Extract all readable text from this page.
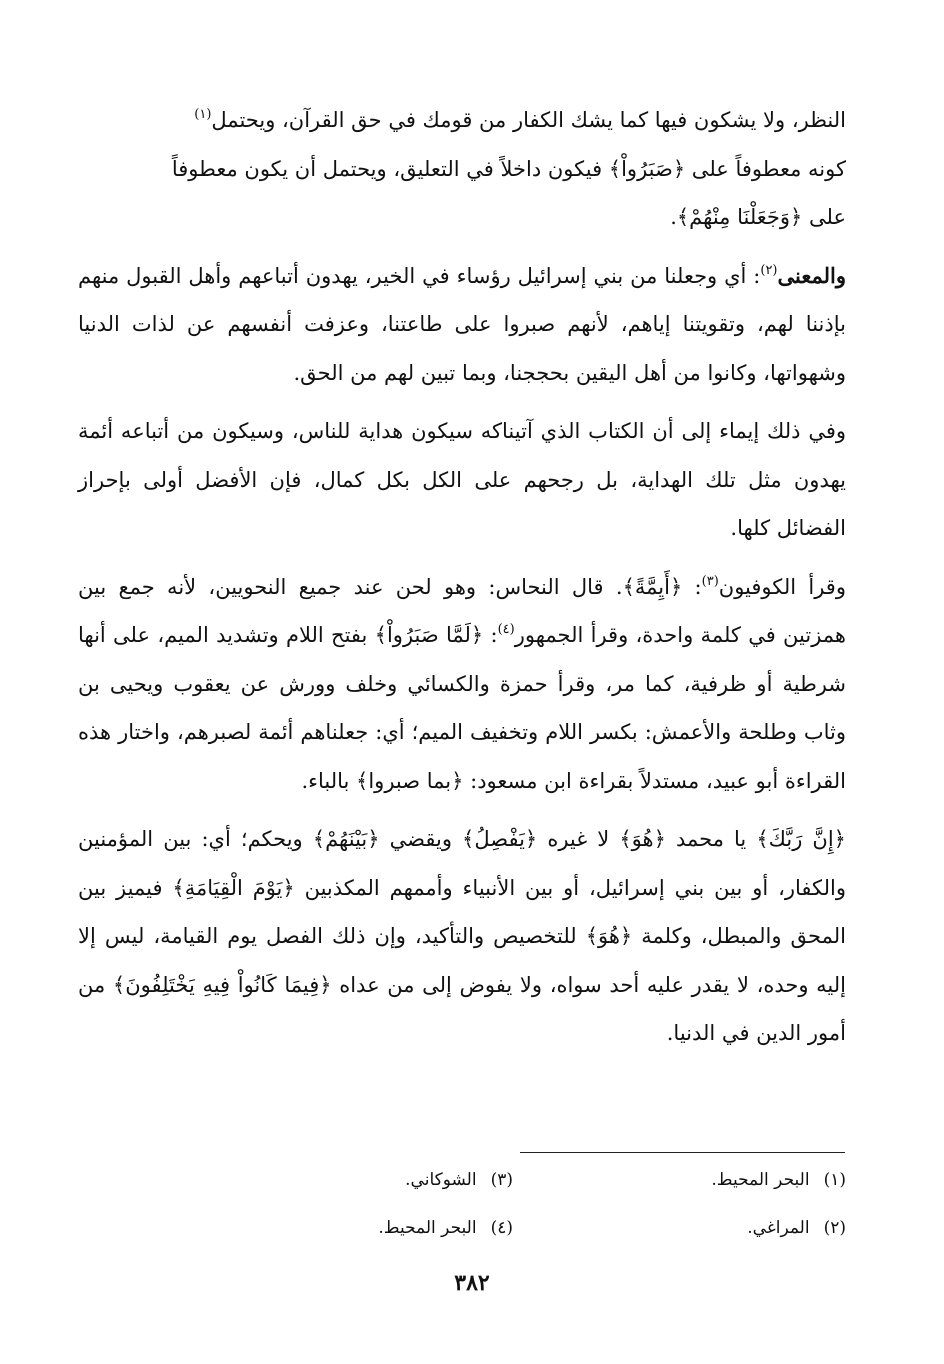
النظر، ولا يشكون فيها كما يشك الكفار من قومك في حق القرآن، ويحتمل$^{(١)}$
كونه معطوفاً على ﴿صَبَرُواْ﴾ فيكون داخلاً في التعليق، ويحتمل أن يكون معطوفاً
على ﴿وَجَعَلْنَا مِنْهُمْ﴾.

والمعنى$^{(٢)}$: أي وجعلنا من بني إسرائيل رؤساء في الخير، يهدون أتباعهم وأهل القبول منهم بإذننا لهم، وتقويتنا إياهم، لأنهم صبروا على طاعتنا، وعزفت أنفسهم عن لذات الدنيا وشهواتها، وكانوا من أهل اليقين بحججنا، وبما تبين لهم من الحق.

وفي ذلك إيماء إلى أن الكتاب الذي آتيناكه سيكون هداية للناس، وسيكون من أتباعه أئمة يهدون مثل تلك الهداية، بل رجحهم على الكل بكل كمال، فإن الأفضل أولى بإحراز الفضائل كلها.

وقرأ الكوفيون$^{(٣)}$: ﴿أَيِمَّةً﴾. قال النحاس: وهو لحن عند جميع النحويين، لأنه جمع بين همزتين في كلمة واحدة، وقرأ الجمهور$^{(٤)}$: ﴿لَمَّا صَبَرُواْ﴾ بفتح اللام وتشديد الميم، على أنها شرطية أو ظرفية، كما مر، وقرأ حمزة والكسائي وخلف وورش عن يعقوب ويحيى بن وثاب وطلحة والأعمش: بكسر اللام وتخفيف الميم؛ أي: جعلناهم أئمة لصبرهم، واختار هذه القراءة أبو عبيد، مستدلاً بقراءة ابن مسعود: ﴿بما صبروا﴾ بالباء.

﴿إِنَّ رَبَّكَ﴾ يا محمد ﴿هُوَ﴾ لا غيره ﴿يَفْصِلُ﴾ ويقضي ﴿بَيْنَهُمْ﴾ ويحكم؛ أي: بين المؤمنين والكفار، أو بين بني إسرائيل، أو بين الأنبياء وأممهم المكذبين ﴿يَوْمَ الْقِيَامَةِ﴾ فيميز بين المحق والمبطل، وكلمة ﴿هُوَ﴾ للتخصيص والتأكيد، وإن ذلك الفصل يوم القيامة، ليس إلا إليه وحده، لا يقدر عليه أحد سواه، ولا يفوض إلى من عداه ﴿فِيمَا كَانُواْ فِيهِ يَخْتَلِفُونَ﴾ من أمور الدين في الدنيا.

(١)البحر المحيط.
(٣)الشوكاني.
(٢)المراغي.
(٤)البحر المحيط.
٣٨٢
